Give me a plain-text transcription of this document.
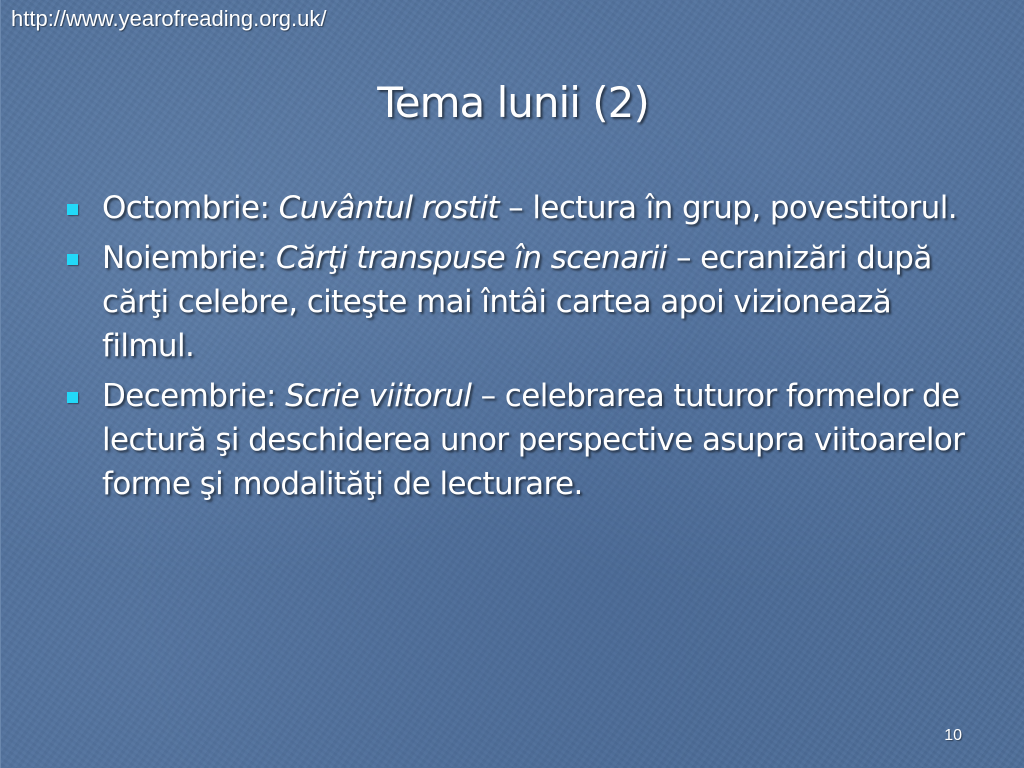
http://www.yearofreading.org.uk/
Tema lunii (2)
Octombrie: Cuvântul rostit – lectura în grup, povestitorul.
Noiembrie: Cărţi transpuse în scenarii – ecranizări după cărţi celebre, citeşte mai întâi cartea apoi vizionează filmul.
Decembrie: Scrie viitorul – celebrarea tuturor formelor de lectură şi deschiderea unor perspective asupra viitoarelor forme şi modalităţi de lecturare.
10
